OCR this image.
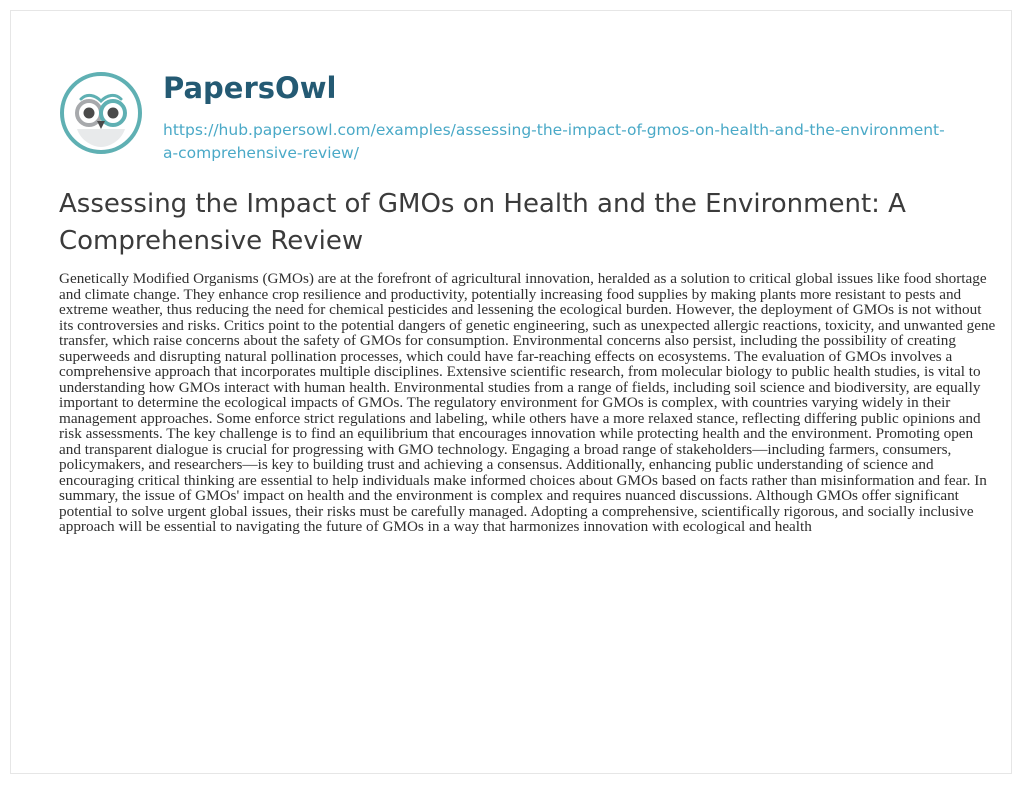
PapersOwl
https://hub.papersowl.com/examples/assessing-the-impact-of-gmos-on-health-and-the-environment-a-comprehensive-review/
Assessing the Impact of GMOs on Health and the Environment: A Comprehensive Review

Genetically Modified Organisms (GMOs) are at the forefront of agricultural innovation, heralded as a solution to critical global issues like food shortage and climate change. They enhance crop resilience and productivity, potentially increasing food supplies by making plants more resistant to pests and extreme weather, thus reducing the need for chemical pesticides and lessening the ecological burden. However, the deployment of GMOs is not without its controversies and risks. Critics point to the potential dangers of genetic engineering, such as unexpected allergic reactions, toxicity, and unwanted gene transfer, which raise concerns about the safety of GMOs for consumption. Environmental concerns also persist, including the possibility of creating superweeds and disrupting natural pollination processes, which could have far-reaching effects on ecosystems. The evaluation of GMOs involves a comprehensive approach that incorporates multiple disciplines. Extensive scientific research, from molecular biology to public health studies, is vital to understanding how GMOs interact with human health. Environmental studies from a range of fields, including soil science and biodiversity, are equally important to determine the ecological impacts of GMOs. The regulatory environment for GMOs is complex, with countries varying widely in their management approaches. Some enforce strict regulations and labeling, while others have a more relaxed stance, reflecting differing public opinions and risk assessments. The key challenge is to find an equilibrium that encourages innovation while protecting health and the environment. Promoting open and transparent dialogue is crucial for progressing with GMO technology. Engaging a broad range of stakeholders—including farmers, consumers, policymakers, and researchers—is key to building trust and achieving a consensus. Additionally, enhancing public understanding of science and encouraging critical thinking are essential to help individuals make informed choices about GMOs based on facts rather than misinformation and fear. In summary, the issue of GMOs' impact on health and the environment is complex and requires nuanced discussions. Although GMOs offer significant potential to solve urgent global issues, their risks must be carefully managed. Adopting a comprehensive, scientifically rigorous, and socially inclusive approach will be essential to navigating the future of GMOs in a way that harmonizes innovation with ecological and health
